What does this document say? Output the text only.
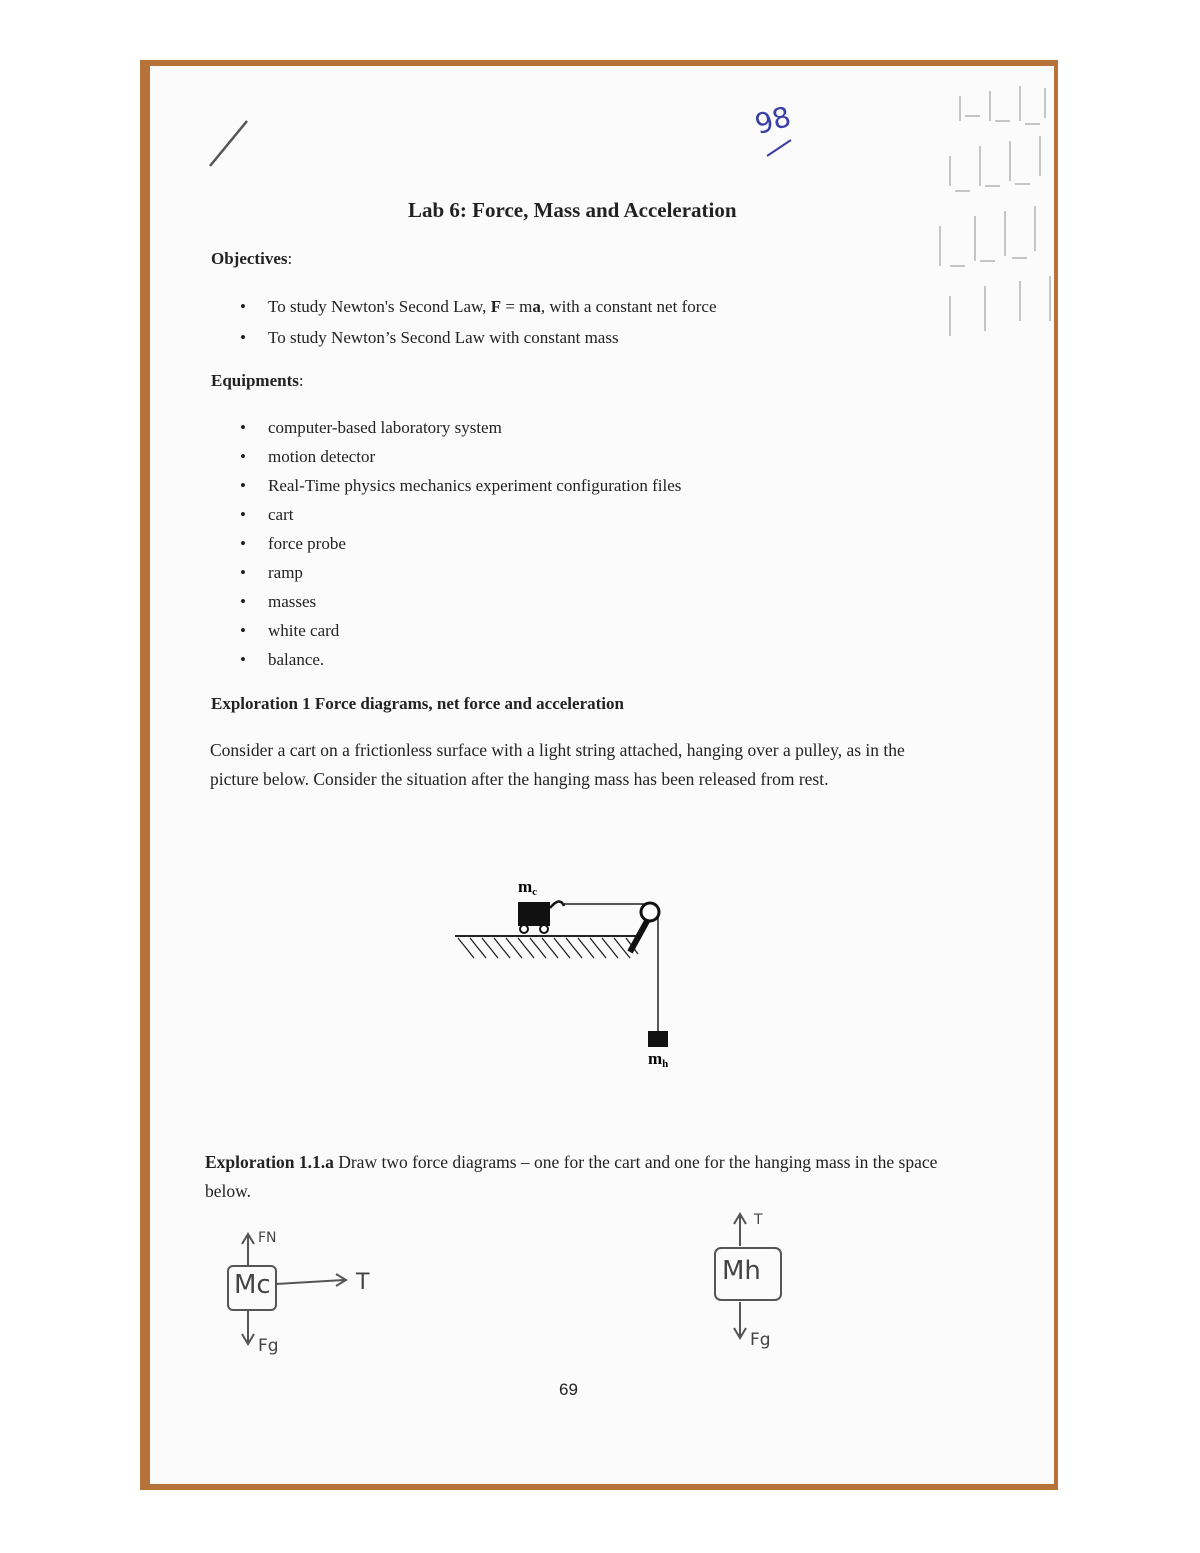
98
Lab 6: Force, Mass and Acceleration
Objectives:
• To study Newton's Second Law, F = ma, with a constant net force
• To study Newton’s Second Law with constant mass
Equipments:
• computer-based laboratory system
• motion detector
• Real-Time physics mechanics experiment configuration files
• cart
• force probe
• ramp
• masses
• white card
• balance.
Exploration 1 Force diagrams, net force and acceleration
Consider a cart on a frictionless surface with a light string attached, hanging over a pulley, as in the picture below. Consider the situation after the hanging mass has been released from rest.
mc
mh
Exploration 1.1.a Draw two force diagrams – one for the cart and one for the hanging mass in the space below.
Mc
FN
T
Fg
T
Mh
Fg
69
